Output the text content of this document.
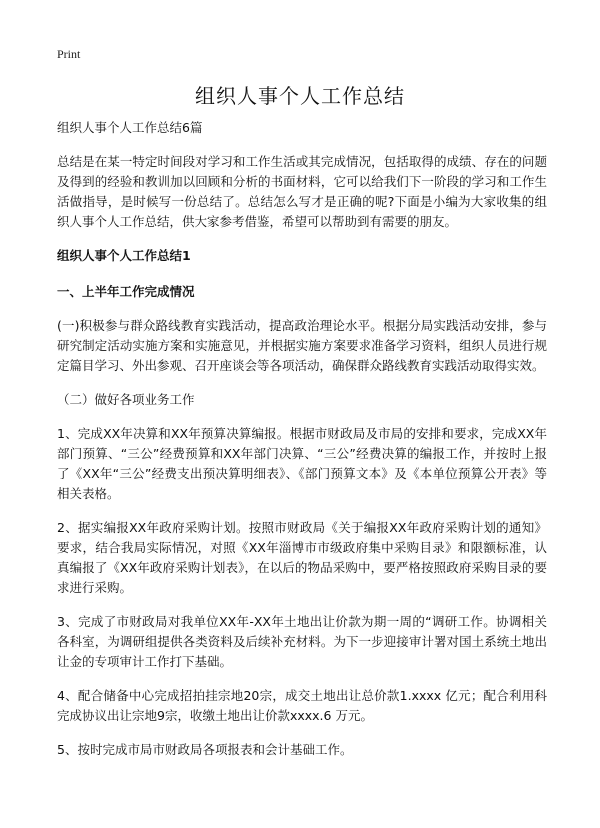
Print
组织人事个人工作总结

组织人事个人工作总结6篇

总结是在某一特定时间段对学习和工作生活或其完成情况，包括取得的成绩、存在的问题及得到的经验和教训加以回顾和分析的书面材料，它可以给我们下一阶段的学习和工作生活做指导，是时候写一份总结了。总结怎么写才是正确的呢?下面是小编为大家收集的组织人事个人工作总结，供大家参考借鉴，希望可以帮助到有需要的朋友。

组织人事个人工作总结1

一、上半年工作完成情况

(一)积极参与群众路线教育实践活动，提高政治理论水平。根据分局实践活动安排，参与研究制定活动实施方案和实施意见，并根据实施方案要求准备学习资料，组织人员进行规定篇目学习、外出参观、召开座谈会等各项活动，确保群众路线教育实践活动取得实效。

（二）做好各项业务工作

1、完成XX年决算和XX年预算决算编报。根据市财政局及市局的安排和要求，完成XX年部门预算、“三公”经费预算和XX年部门决算、“三公”经费决算的编报工作，并按时上报了《XX年“三公”经费支出预决算明细表》、《部门预算文本》及《本单位预算公开表》等相关表格。

2、据实编报XX年政府采购计划。按照市财政局《关于编报XX年政府采购计划的通知》要求，结合我局实际情况，对照《XX年淄博市市级政府集中采购目录》和限额标准，认真编报了《XX年政府采购计划表》，在以后的物品采购中，要严格按照政府采购目录的要求进行采购。

3、完成了市财政局对我单位XX年-XX年土地出让价款为期一周的“调研工作。协调相关各科室，为调研组提供各类资料及后续补充材料。为下一步迎接审计署对国土系统土地出让金的专项审计工作打下基础。

4、配合储备中心完成招拍挂宗地20宗，成交土地出让总价款1.xxxx 亿元；配合利用科完成协议出让宗地9宗，收缴土地出让价款xxxx.6 万元。

5、按时完成市局市财政局各项报表和会计基础工作。
